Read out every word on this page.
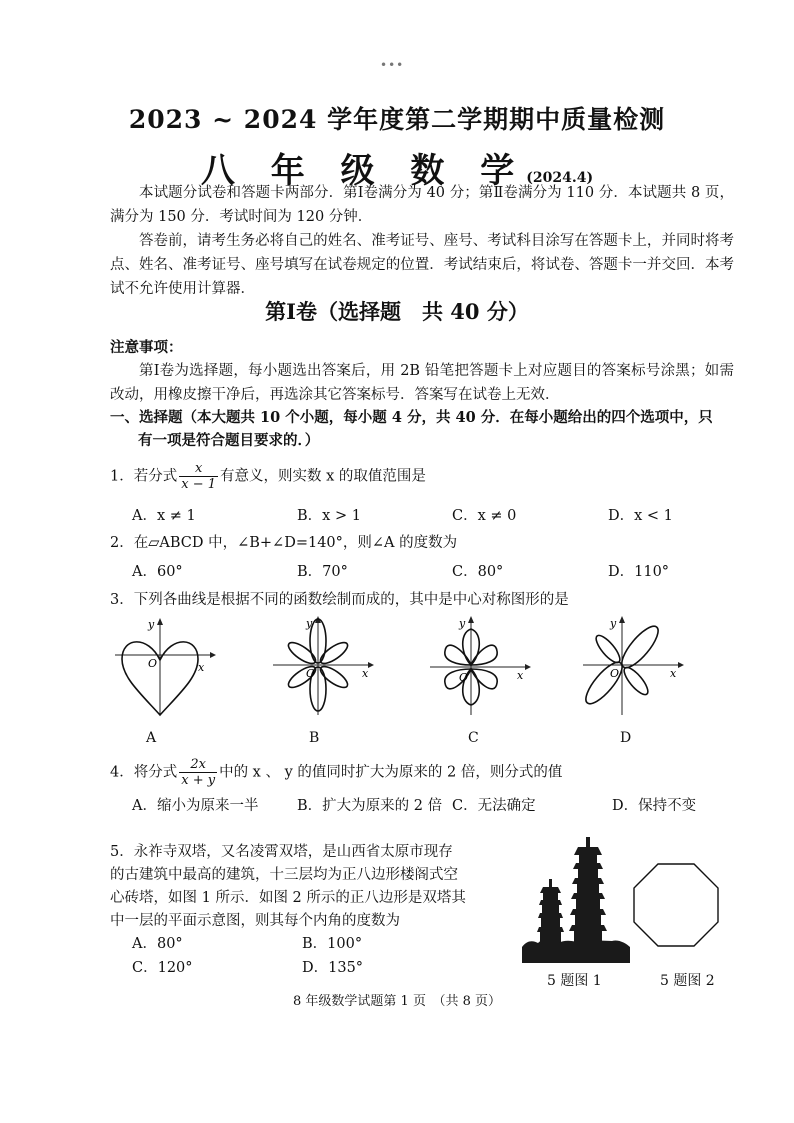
•••
2023 ~ 2024 学年度第二学期期中质量检测
八 年 级 数 学(2024.4)
本试题分试卷和答题卡两部分．第Ⅰ卷满分为 40 分；第Ⅱ卷满分为 110 分．本试题共 8 页，满分为 150 分．考试时间为 120 分钟．
答卷前，请考生务必将自己的姓名、准考证号、座号、考试科目涂写在答题卡上，并同时将考点、姓名、准考证号、座号填写在试卷规定的位置．考试结束后，将试卷、答题卡一并交回．本考试不允许使用计算器．
第Ⅰ卷（选择题　共 40 分）
注意事项：
第Ⅰ卷为选择题，每小题选出答案后，用 2B 铅笔把答题卡上对应题目的答案标号涂黑；如需改动，用橡皮擦干净后，再选涂其它答案标号．答案写在试卷上无效．
一、选择题（本大题共 10 个小题，每小题 4 分，共 40 分．在每小题给出的四个选项中，只
有一项是符合题目要求的．）
1．若分式 $\frac{x}{x - 1}$ 有意义，则实数 x 的取值范围是
A．x ≠ 1	B．x > 1	C．x ≠ 0	D．x < 1
2．在▱ABCD 中，∠B+∠D=140°，则∠A 的度数为
A．60°	B．70°	C．80°	D．110°
3．下列各曲线是根据不同的函数绘制而成的，其中是中心对称图形的是
x
y
O
A
x
y
O
B
x
y
O
C
x
y
O
D
4．将分式 $\frac{2x}{x + y}$ 中的 x 、 y 的值同时扩大为原来的 2 倍，则分式的值
A．缩小为原来一半	B．扩大为原来的 2 倍 C．无法确定	D．保持不变
5．永祚寺双塔，又名凌霄双塔，是山西省太原市现存
的古建筑中最高的建筑，十三层均为正八边形楼阁式空
心砖塔，如图 1 所示．如图 2 所示的正八边形是双塔其
中一层的平面示意图，则其每个内角的度数为
A．80°	B．100°
C．120°	D．135°
5 题图 1	5 题图 2
8 年级数学试题第 1 页　（共 8 页）
